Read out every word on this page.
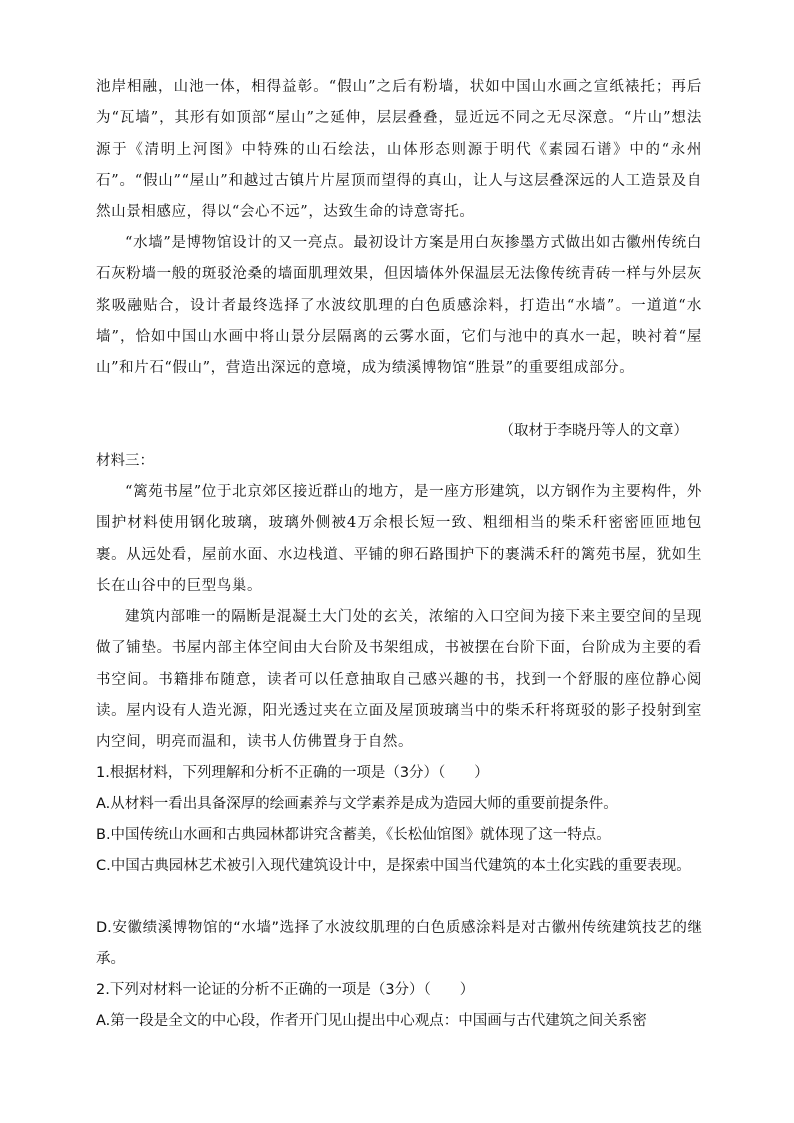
池岸相融，山池一体，相得益彰。“假山”之后有粉墙，状如中国山水画之宣纸裱托；再后为“瓦墙”，其形有如顶部“屋山”之延伸，层层叠叠，显近远不同之无尽深意。“片山”想法源于《清明上河图》中特殊的山石绘法，山体形态则源于明代《素园石谱》中的“永州石”。“假山”“屋山”和越过古镇片片屋顶而望得的真山，让人与这层叠深远的人工造景及自然山景相感应，得以“会心不远”，达致生命的诗意寄托。

“水墙”是博物馆设计的又一亮点。最初设计方案是用白灰掺墨方式做出如古徽州传统白石灰粉墙一般的斑驳沧桑的墙面肌理效果，但因墙体外保温层无法像传统青砖一样与外层灰浆吸融贴合，设计者最终选择了水波纹肌理的白色质感涂料，打造出“水墙”。一道道“水墙”，恰如中国山水画中将山景分层隔离的云雾水面，它们与池中的真水一起，映衬着“屋山”和片石“假山”，营造出深远的意境，成为绩溪博物馆“胜景”的重要组成部分。

（取材于李晓丹等人的文章）

材料三：

“篱苑书屋”位于北京郊区接近群山的地方，是一座方形建筑，以方钢作为主要构件，外围护材料使用钢化玻璃，玻璃外侧被4万余根长短一致、粗细相当的柴禾秆密密匝匝地包裹。从远处看，屋前水面、水边栈道、平铺的卵石路围护下的裹满禾秆的篱苑书屋，犹如生长在山谷中的巨型鸟巢。

建筑内部唯一的隔断是混凝土大门处的玄关，浓缩的入口空间为接下来主要空间的呈现做了铺垫。书屋内部主体空间由大台阶及书架组成，书被摆在台阶下面，台阶成为主要的看书空间。书籍排布随意，读者可以任意抽取自己感兴趣的书，找到一个舒服的座位静心阅读。屋内设有人造光源，阳光透过夹在立面及屋顶玻璃当中的柴禾秆将斑驳的影子投射到室内空间，明亮而温和，读书人仿佛置身于自然。

1.根据材料，下列理解和分析不正确的一项是（3分）（　　）

A.从材料一看出具备深厚的绘画素养与文学素养是成为造园大师的重要前提条件。

B.中国传统山水画和古典园林都讲究含蓄美，《长松仙馆图》就体现了这一特点。

C.中国古典园林艺术被引入现代建筑设计中，是探索中国当代建筑的本土化实践的重要表现。

D.安徽绩溪博物馆的“水墙”选择了水波纹肌理的白色质感涂料是对古徽州传统建筑技艺的继承。

2.下列对材料一论证的分析不正确的一项是（3分）（　　）

A.第一段是全文的中心段，作者开门见山提出中心观点：中国画与古代建筑之间关系密
